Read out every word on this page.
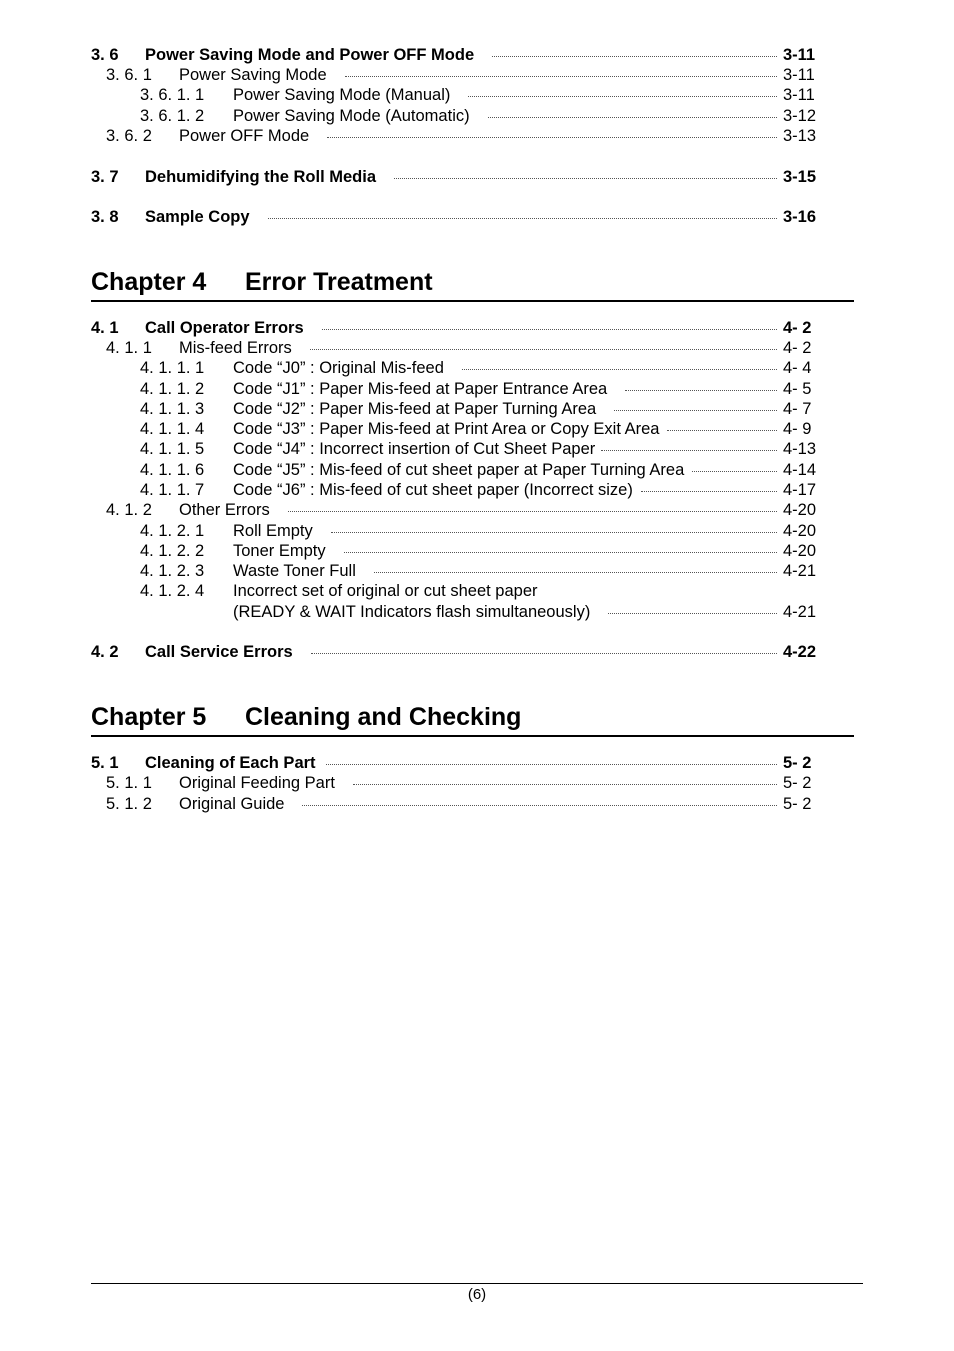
3. 6 Power Saving Mode and Power OFF Mode	3-11
3. 6. 1 Power Saving Mode	3-11
3. 6. 1. 1 Power Saving Mode (Manual)	3-11
3. 6. 1. 2 Power Saving Mode (Automatic)	3-12
3. 6. 2 Power OFF Mode	3-13
3. 7 Dehumidifying the Roll Media	3-15
3. 8 Sample Copy	3-16
Chapter 4 Error Treatment
4. 1 Call Operator Errors	4- 2
4. 1. 1 Mis-feed Errors	4- 2
4. 1. 1. 1 Code “J0” : Original Mis-feed	4- 4
4. 1. 1. 2 Code “J1” : Paper Mis-feed at Paper Entrance Area	4- 5
4. 1. 1. 3 Code “J2” : Paper Mis-feed at Paper Turning Area	4- 7
4. 1. 1. 4 Code “J3” : Paper Mis-feed at Print Area or Copy Exit Area	4- 9
4. 1. 1. 5 Code “J4” : Incorrect insertion of Cut Sheet Paper	4-13
4. 1. 1. 6 Code “J5” : Mis-feed of cut sheet paper at Paper Turning Area	4-14
4. 1. 1. 7 Code “J6” : Mis-feed of cut sheet paper (Incorrect size)	4-17
4. 1. 2 Other Errors	4-20
4. 1. 2. 1 Roll Empty	4-20
4. 1. 2. 2 Toner Empty	4-20
4. 1. 2. 3 Waste Toner Full	4-21
4. 1. 2. 4 Incorrect set of original or cut sheet paper
(READY & WAIT Indicators flash simultaneously)	4-21
4. 2 Call Service Errors	4-22
Chapter 5 Cleaning and Checking
5. 1 Cleaning of Each Part	5- 2
5. 1. 1 Original Feeding Part	5- 2
5. 1. 2 Original Guide	5- 2
(6)
